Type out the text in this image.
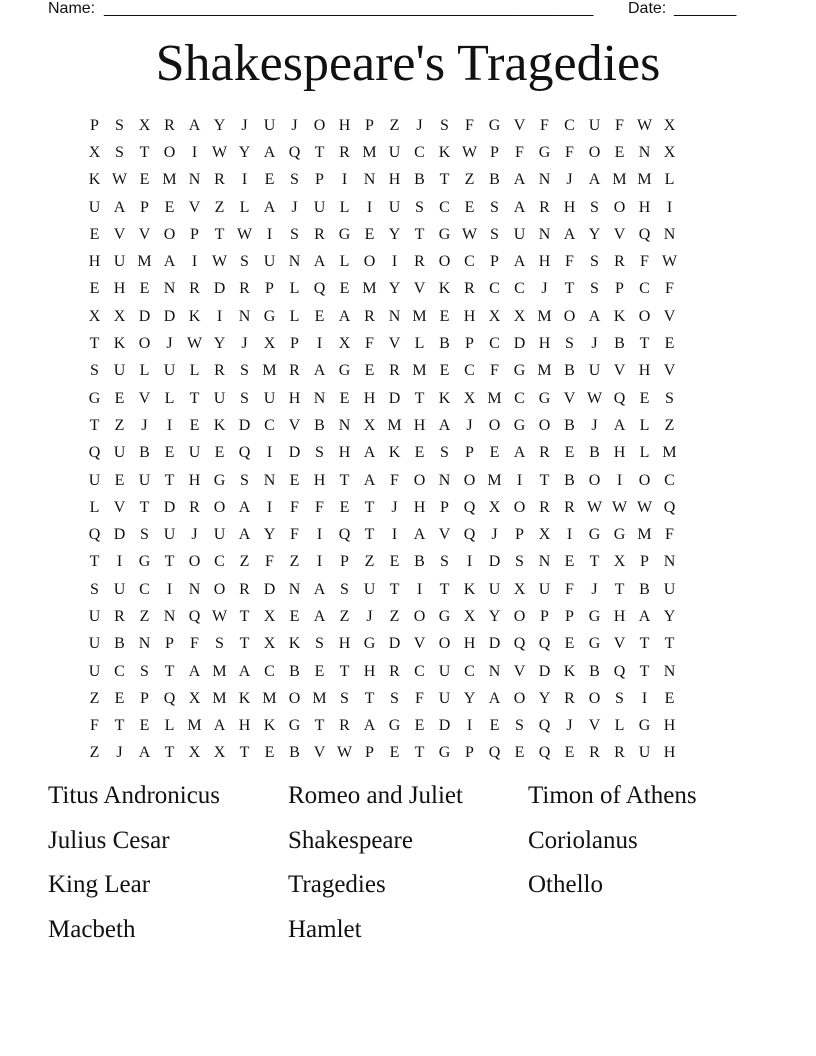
Name: _______________________________________________________ Date: _______
Shakespeare's Tragedies
P	S X R A Y	J	U	J	O H P Z	J	S	F G V F C U F W X
X S T O	I W Y A Q T R M U C K W P	F G F O E N X
K W E M N R	I	E S	P	I	N H B T Z B A N	J	A M M L
U A P E V Z L A	J	U L	I	U S C E S A R H S O H	I
E V V O P T W I	S R G E Y T G W S U N A Y V Q N
H U M A	I W S U N A L O	I	R O C P A H F	S R F W
E H E N R D R P L Q E M Y V K R C C	J	T S	P C F
X X D D K	I	N G L E A R N M E H X X M O A K O V
T K O	J W Y	J	X P	I	X F V L B P C D H S	J	B T E
S U L U L R S M R A G E R M E C F G M B U V H V
G E V L T U S U H N E H D T K X M C G V W Q E S
T Z	J	I	E K D C V B N X M H A	J	O G O B	J	A L Z
Q U B E U E Q	I	D S H A K E S	P E A R E B H L M
U E U T H G S N E H T A F O N O M I	T B O	I	O C
L V T D R O A	I	F	F E T	J	H P Q X O R R W W W Q
Q D S U	J	U A Y F	I	Q T	I	A V Q	J	P X	I	G G M F
T	I	G T O C Z F Z	I	P Z E B S	I	D S N E T X P N
S U C	I	N O R D N A S U T	I	T K U X U F	J	T B U
U R Z N Q W T X E A Z	J	Z O G X Y O P	P G H A Y
U B N P	F	S T X K S H G D V O H D Q Q E G V T T
U C S T A M A C B E T H R C U C N V D K B Q T N
Z E P Q X M K M O M S T S	F U Y A O Y R O S	I	E
F T E L M A H K G T R A G E D	I	E S Q	J	V L G H
Z	J	A T X X T E B V W P E T G P Q E Q E R R U H
Titus Andronicus	Romeo and Juliet	Timon of Athens
Julius Cesar	Shakespeare	Coriolanus
King Lear	Tragedies	Othello
Macbeth	Hamlet
